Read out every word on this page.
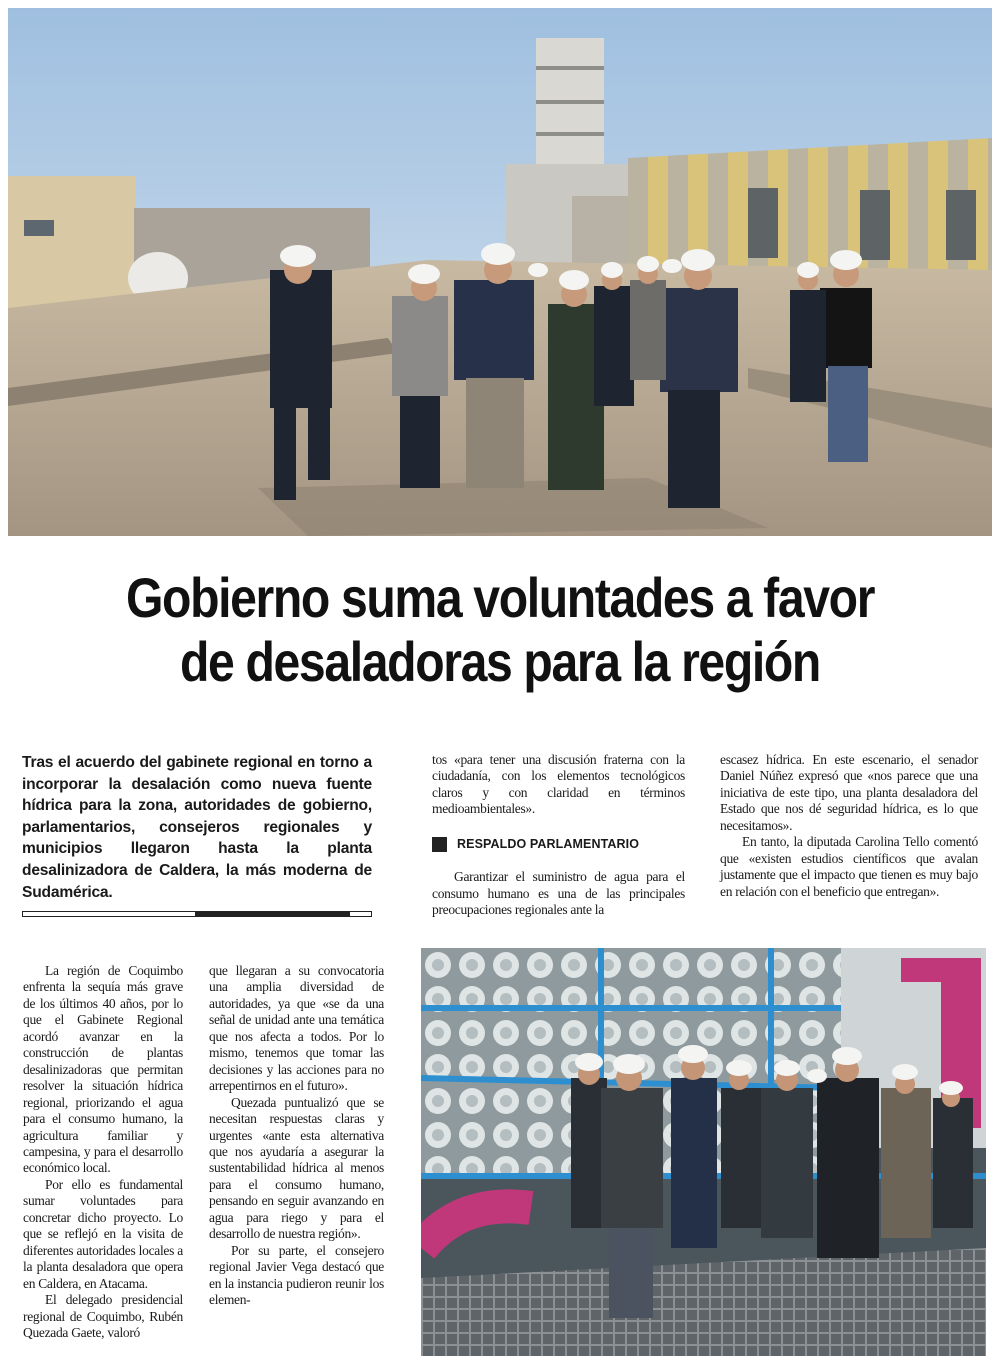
Gobierno suma voluntades a favor
de desaladoras para la región

Tras el acuerdo del gabinete regional en torno a incorporar la desalación como nueva fuente hídrica para la zona, autoridades de gobierno, parlamentarios, consejeros regionales y municipios llegaron hasta la planta desalinizadora de Caldera, la más moderna de Sudamérica.

tos «para tener una discusión fraterna con la ciudadanía, con los elementos tecnológicos claros y con claridad en términos medioambientales».

RESPALDO PARLAMENTARIO

Garantizar el suministro de agua para el consumo humano es una de las principales preocupaciones regionales ante la

escasez hídrica. En este escenario, el senador Daniel Núñez expresó que «nos parece que una iniciativa de este tipo, una planta desaladora del Estado que nos dé seguridad hídrica, es lo que necesitamos».

En tanto, la diputada Carolina Tello comentó que «existen estudios científicos que avalan justamente que el impacto que tienen es muy bajo en relación con el beneficio que entregan».

La región de Coquimbo enfrenta la sequía más grave de los últimos 40 años, por lo que el Gabinete Regional acordó avanzar en la construcción de plantas desalinizadoras que permitan resolver la situación hídrica regional, priorizando el agua para el consumo humano, la agricultura familiar y campesina, y para el desarrollo económico local.

Por ello es fundamental sumar voluntades para concretar dicho proyecto. Lo que se reflejó en la visita de diferentes autoridades locales a la planta desaladora que opera en Caldera, en Atacama.

El delegado presidencial regional de Coquimbo, Rubén Quezada Gaete, valoró

que llegaran a su convocatoria una amplia diversidad de autoridades, ya que «se da una señal de unidad ante una temática que nos afecta a todos. Por lo mismo, tenemos que tomar las decisiones y las acciones para no arrepentirnos en el futuro».

Quezada puntualizó que se necesitan respuestas claras y urgentes «ante esta alternativa que nos ayudaría a asegurar la sustentabilidad hídrica al menos para el consumo humano, pensando en seguir avanzando en agua para riego y para el desarrollo de nuestra región».

Por su parte, el consejero regional Javier Vega destacó que en la instancia pudieron reunir los elemen-
